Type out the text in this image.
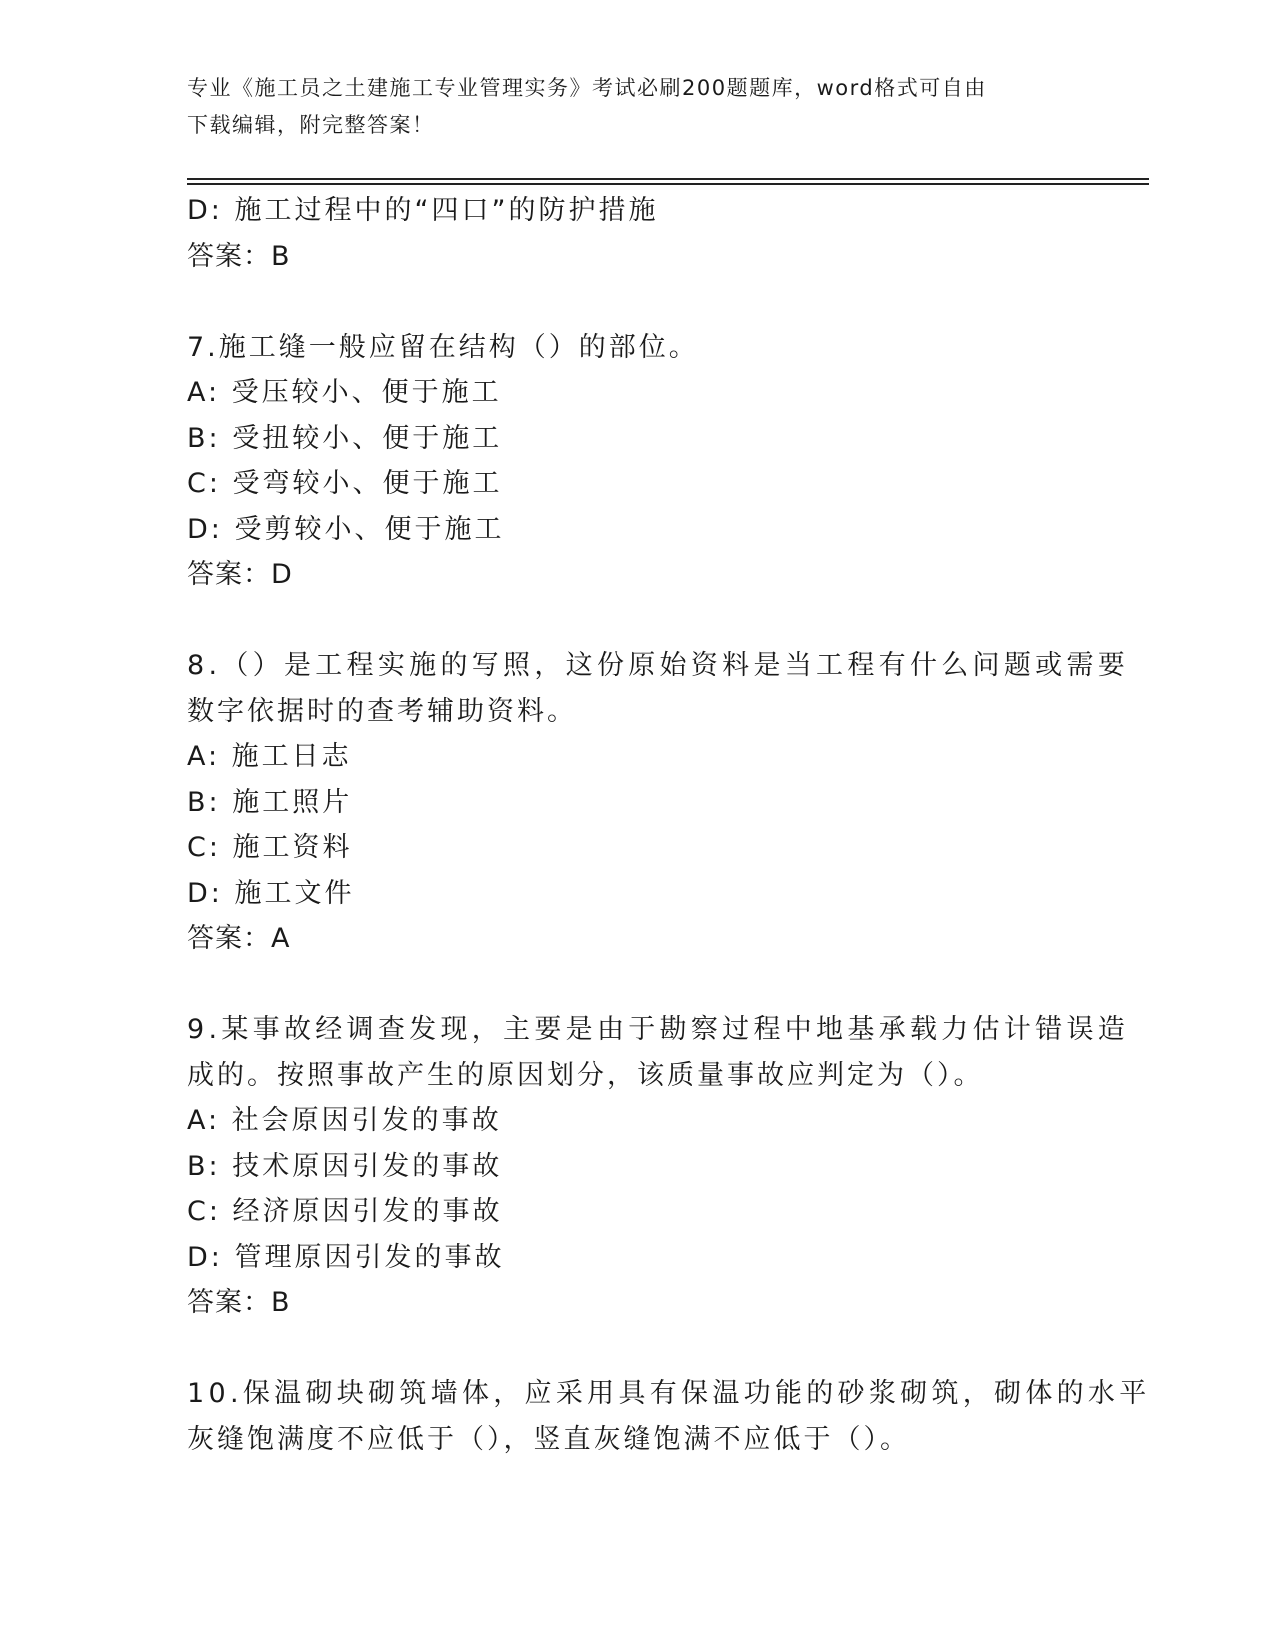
专业《施工员之土建施工专业管理实务》考试必刷200题题库，word格式可自由
下载编辑，附完整答案！
D: 施工过程中的“四口”的防护措施
答案：B
7.施工缝一般应留在结构（）的部位。
A: 受压较小、便于施工
B: 受扭较小、便于施工
C: 受弯较小、便于施工
D: 受剪较小、便于施工
答案：D
8.（）是工程实施的写照，这份原始资料是当工程有什么问题或需要
数字依据时的查考辅助资料。
A: 施工日志
B: 施工照片
C: 施工资料
D: 施工文件
答案：A
9.某事故经调查发现，主要是由于勘察过程中地基承载力估计错误造
成的。按照事故产生的原因划分，该质量事故应判定为（）。
A: 社会原因引发的事故
B: 技术原因引发的事故
C: 经济原因引发的事故
D: 管理原因引发的事故
答案：B
10.保温砌块砌筑墙体，应采用具有保温功能的砂浆砌筑，砌体的水平
灰缝饱满度不应低于（），竖直灰缝饱满不应低于（）。
